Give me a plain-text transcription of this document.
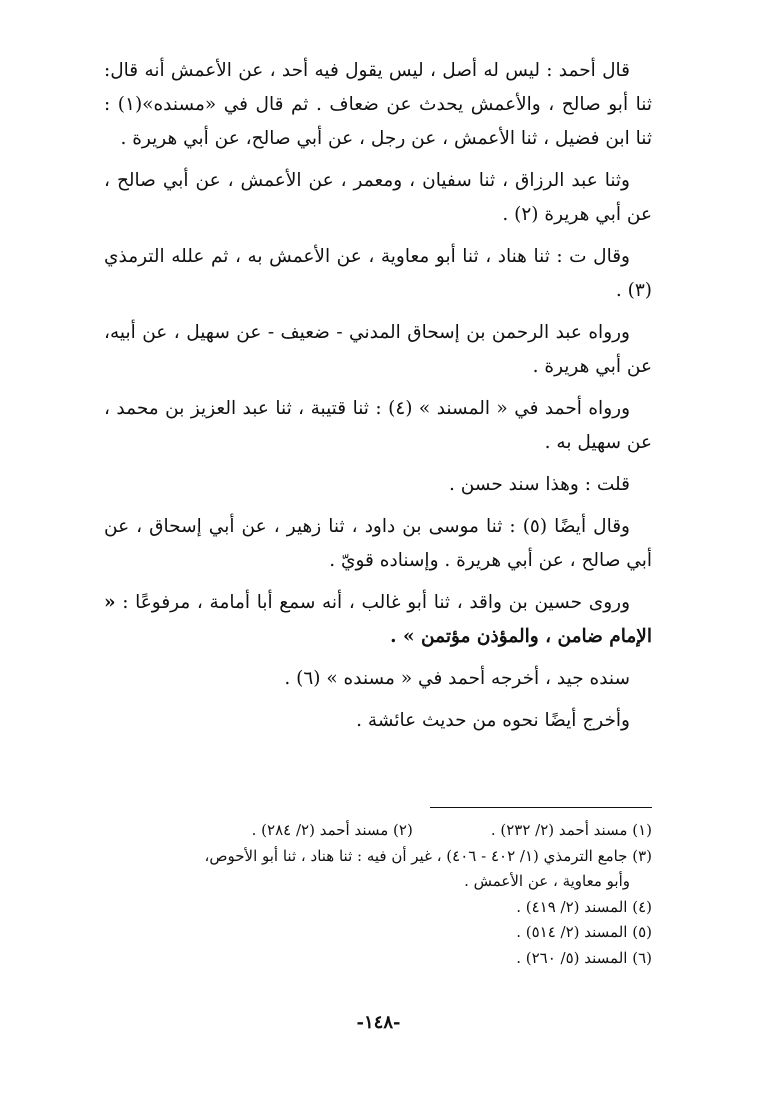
قال أحمد : ليس له أصل ، ليس يقول فيه أحد ، عن الأعمش أنه قال: ثنا أبو صالح ، والأعمش يحدث عن ضعاف . ثم قال في «مسنده»(١) : ثنا ابن فضيل ، ثنا الأعمش ، عن رجل ، عن أبي صالح، عن أبي هريرة .

وثنا عبد الرزاق ، ثنا سفيان ، ومعمر ، عن الأعمش ، عن أبي صالح ، عن أبي هريرة (٢) .

وقال ت : ثنا هناد ، ثنا أبو معاوية ، عن الأعمش به ، ثم علله الترمذي (٣) .

ورواه عبد الرحمن بن إسحاق المدني - ضعيف - عن سهيل ، عن أبيه، عن أبي هريرة .

ورواه أحمد في « المسند » (٤) : ثنا قتيبة ، ثنا عبد العزيز بن محمد ، عن سهيل به .

قلت : وهذا سند حسن .

وقال أيضًا (٥) : ثنا موسى بن داود ، ثنا زهير ، عن أبي إسحاق ، عن أبي صالح ، عن أبي هريرة . وإسناده قويّ .

وروى حسين بن واقد ، ثنا أبو غالب ، أنه سمع أبا أمامة ، مرفوعًا : « الإمام ضامن ، والمؤذن مؤتمن » .

سنده جيد ، أخرجه أحمد في « مسنده » (٦) .

وأخرج أيضًا نحوه من حديث عائشة .

(١) مسند أحمد (٢/ ٢٣٢) .
(٢) مسند أحمد (٢/ ٢٨٤) .
(٣) جامع الترمذي (١/ ٤٠٢ - ٤٠٦) ، غير أن فيه : ثنا هناد ، ثنا أبو الأحوص،
وأبو معاوية ، عن الأعمش .
(٤) المسند (٢/ ٤١٩) .
(٥) المسند (٢/ ٥١٤) .
(٦) المسند (٥/ ٢٦٠) .
-١٤٨-
